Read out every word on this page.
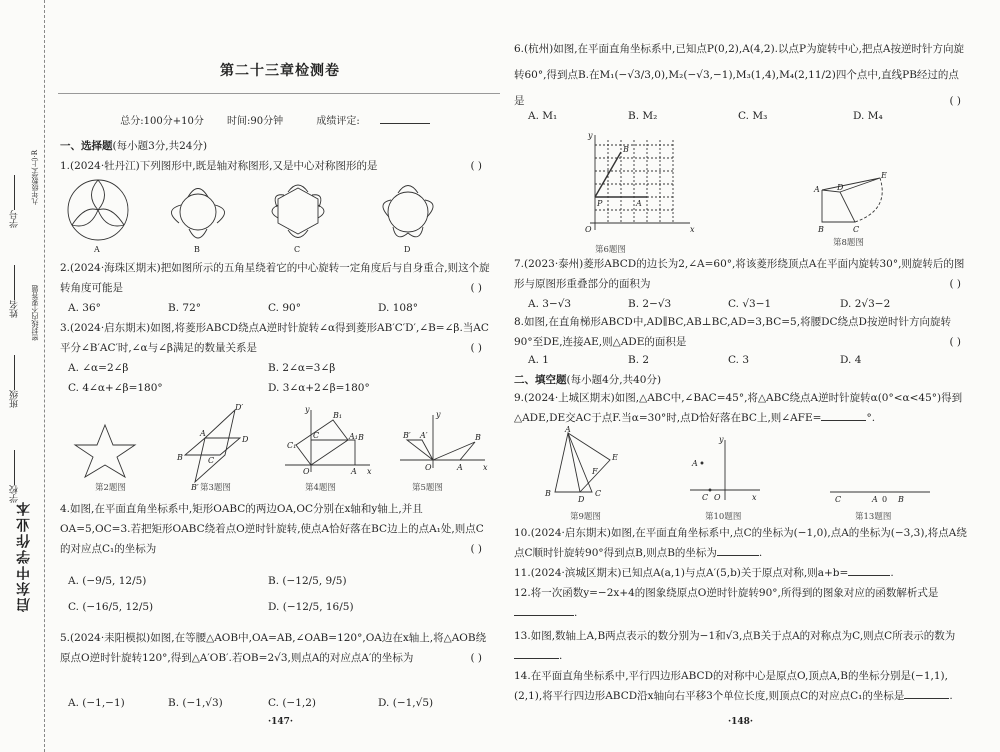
启东中学作业本
学校
班级
姓名
学号
密封线内不要答题
九年级数学(上)·R
第二十三章检测卷
总分:100分+10分 时间:90分钟	成绩评定:
一、选择题(每小题3分,共24分)
1.(2024·牡丹江)下列图形中,既是轴对称图形,又是中心对称图形的是	( )
A	B	C	D
2.(2024·海珠区期末)把如图所示的五角星绕着它的中心旋转一定角度后与自身重合,则这个旋转角度可能是	( )
A. 36°	B. 72°	C. 90°	D. 108°
3.(2024·启东期末)如图,将菱形ABCD绕点A逆时针旋转∠α得到菱形AB′C′D′,∠B=∠β.当AC平分∠B′AC′时,∠α与∠β满足的数量关系是	( )
A. ∠α=2∠β	B. 2∠α=3∠β
C. 4∠α+∠β=180°	D. 3∠α+2∠β=180°
A
B	C
D
B′
D′
C	A₁ B
B₁
C₁
O	A x
y
B′ A′	B
O	A	x
y
第2题图	第3题图	第4题图	第5题图
4.如图,在平面直角坐标系中,矩形OABC的两边OA,OC分别在x轴和y轴上,并且OA=5,OC=3.若把矩形OABC绕着点O逆时针旋转,使点A恰好落在BC边上的点A₁处,则点C的对应点C₁的坐标为	( )
A. (−9/5, 12/5)	B. (−12/5, 9/5)
C. (−16/5, 12/5)	D. (−12/5, 16/5)
5.(2024·耒阳模拟)如图,在等腰△AOB中,OA=AB,∠OAB=120°,OA边在x轴上,将△AOB绕原点O逆时针旋转120°,得到△A′OB′.若OB=2√3,则点A的对应点A′的坐标为	( )
A. (−1,−1)	B. (−1,√3)	C. (−1,2)	D. (−1,√5)
·147·
6.(杭州)如图,在平面直角坐标系中,已知点P(0,2),A(4,2).以点P为旋转中心,把点A按逆时针方向旋转60°,得到点B.在M₁(−√3/3,0),M₂(−√3,−1),M₃(1,4),M₄(2,11/2)四个点中,直线PB经过的点是	( )
A. M₁	B. M₂	C. M₃	D. M₄
B
P	A
O	x
y
第6题图
A D
E
B	C
第8题图
7.(2023·泰州)菱形ABCD的边长为2,∠A=60°,将该菱形绕顶点A在平面内旋转30°,则旋转后的图形与原图形重叠部分的面积为	( )
A. 3−√3	B. 2−√3	C. √3−1	D. 2√3−2
8.如图,在直角梯形ABCD中,AD∥BC,AB⊥BC,AD=3,BC=5,将腰DC绕点D按逆时针方向旋转90°至DE,连接AE,则△ADE的面积是	( )
A. 1	B. 2	C. 3	D. 4
二、填空题(每小题4分,共40分)
9.(2024·上城区期末)如图,△ABC中,∠BAC=45°,将△ABC绕点A逆时针旋转α(0°<α<45°)得到△ADE,DE交AC于点F.当α=30°时,点D恰好落在BC上,则∠AFE=	°.
A
B
D
C
E
F
A
C O	x
y
C	A 0 B
第9题图	第10题图	第13题图
10.(2024·启东期末)如图,在平面直角坐标系中,点C的坐标为(−1,0),点A的坐标为(−3,3),将点A绕点C顺时针旋转90°得到点B,则点B的坐标为	.
11.(2024·滨城区期末)已知点A(a,1)与点A′(5,b)关于原点对称,则a+b=	.
12.将一次函数y=−2x+4的图象绕原点O逆时针旋转90°,所得到的图象对应的函数解析式是.
13.如图,数轴上A,B两点表示的数分别为−1和√3,点B关于点A的对称点为C,则点C所表示的数为.
14.在平面直角坐标系中,平行四边形ABCD的对称中心是原点O,顶点A,B的坐标分别是(−1,1),(2,1),将平行四边形ABCD沿x轴向右平移3个单位长度,则顶点C的对应点C₁的坐标是	.
·148·
